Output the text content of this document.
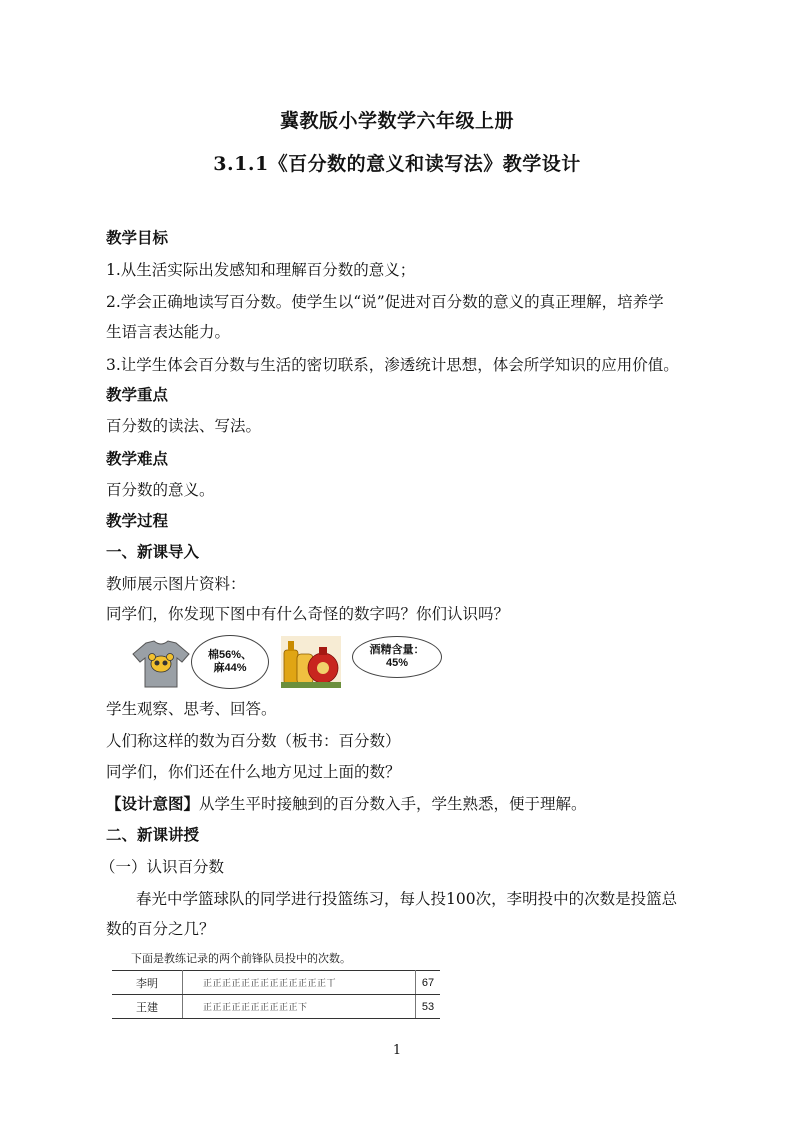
冀教版小学数学六年级上册
3.1.1《百分数的意义和读写法》教学设计
教学目标
1.从生活实际出发感知和理解百分数的意义；
2.学会正确地读写百分数。使学生以“说”促进对百分数的意义的真正理解，培养学
生语言表达能力。
3.让学生体会百分数与生活的密切联系，渗透统计思想，体会所学知识的应用价值。
教学重点
百分数的读法、写法。
教学难点
百分数的意义。
教学过程
一、新课导入
教师展示图片资料：
同学们，你发现下图中有什么奇怪的数字吗？你们认识吗？
棉56%、
麻44%
酒精含量：
45%
学生观察、思考、回答。
人们称这样的数为百分数（板书：百分数）
同学们，你们还在什么地方见过上面的数？
【设计意图】从学生平时接触到的百分数入手，学生熟悉，便于理解。
二、新课讲授
（一）认识百分数
春光中学篮球队的同学进行投篮练习，每人投100次，李明投中的次数是投篮总
数的百分之几？
下面是教练记录的两个前锋队员投中的次数。
李明	正正正正正正正正正正正正正丅	67
王建	正正正正正正正正正正下	53
1
